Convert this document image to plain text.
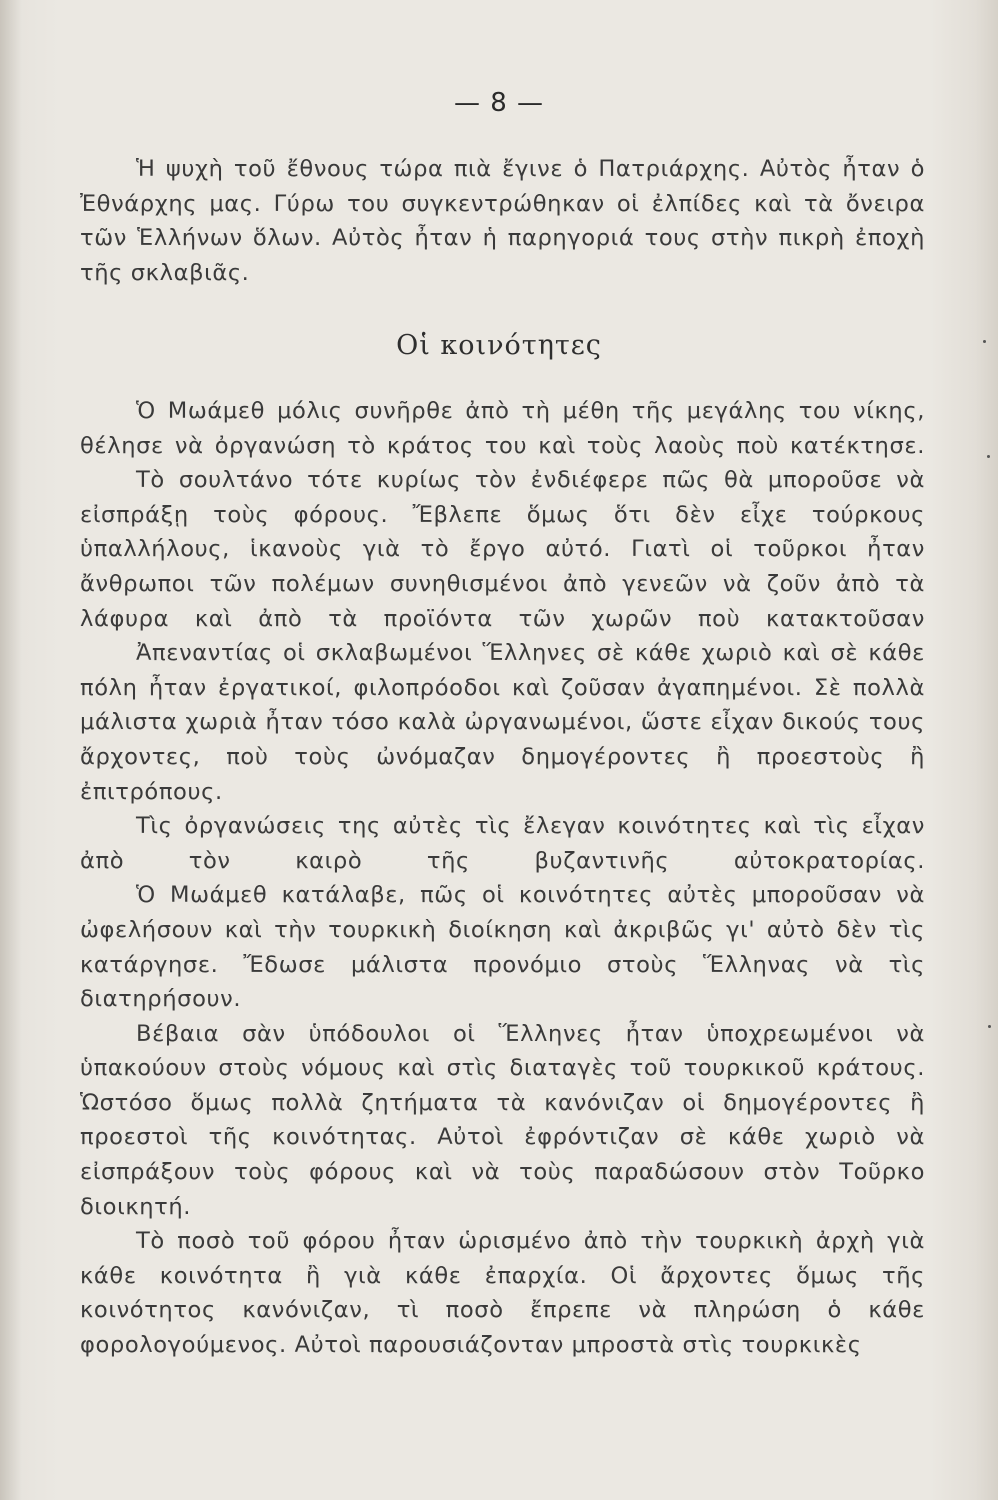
— 8 —

Ἡ ψυχὴ τοῦ ἔθνους τώρα πιὰ ἔγινε ὁ Πατριάρχης. Αὐτὸς ἦταν ὁ Ἐθνάρχης μας. Γύρω του συγκεντρώθηκαν οἱ ἐλπίδες καὶ τὰ ὄνειρα τῶν Ἑλλήνων ὅλων. Αὐτὸς ἦταν ἡ παρηγοριά τους στὴν πικρὴ ἐποχὴ τῆς σκλαβιᾶς.

Οἱ κοινότητες

Ὁ Μωάμεθ μόλις συνῆρθε ἀπὸ τὴ μέθη τῆς μεγάλης του νίκης, θέλησε νὰ ὀργανώση τὸ κράτος του καὶ τοὺς λαοὺς ποὺ κατέκτησε.

Τὸ σουλτάνο τότε κυρίως τὸν ἐνδιέφερε πῶς θὰ μποροῦσε νὰ εἰσπράξῃ τοὺς φόρους. Ἔβλεπε ὅμως ὅτι δὲν εἶχε τούρκους ὑπαλλήλους, ἱκανοὺς γιὰ τὸ ἔργο αὐτό. Γιατὶ οἱ τοῦρκοι ἦταν ἄνθρωποι τῶν πολέμων συνηθισμένοι ἀπὸ γενεῶν νὰ ζοῦν ἀπὸ τὰ λάφυρα καὶ ἀπὸ τὰ προϊόντα τῶν χωρῶν ποὺ κατακτοῦσαν

Ἀπεναντίας οἱ σκλαβωμένοι Ἕλληνες σὲ κάθε χωριὸ καὶ σὲ κάθε πόλη ἦταν ἐργατικοί, φιλοπρόοδοι καὶ ζοῦσαν ἀγαπημένοι. Σὲ πολλὰ μάλιστα χωριὰ ἦταν τόσο καλὰ ὠργανωμένοι, ὥστε εἶχαν δικούς τους ἄρχοντες, ποὺ τοὺς ὠνόμαζαν δημογέροντες ἢ προεστοὺς ἢ ἐπιτρόπους.

Τὶς ὀργανώσεις της αὐτὲς τὶς ἔλεγαν κοινότητες καὶ τὶς εἶχαν ἀπὸ τὸν καιρὸ τῆς βυζαντινῆς αὐτοκρατορίας.

Ὁ Μωάμεθ κατάλαβε, πῶς οἱ κοινότητες αὐτὲς μποροῦσαν νὰ ὠφελήσουν καὶ τὴν τουρκικὴ διοίκηση καὶ ἀκριβῶς γι' αὐτὸ δὲν τὶς κατάργησε. Ἔδωσε μάλιστα προνόμιο στοὺς Ἕλληνας νὰ τὶς διατηρήσουν.

Βέβαια σὰν ὑπόδουλοι οἱ Ἕλληνες ἦταν ὑποχρεωμένοι νὰ ὑπακούουν στοὺς νόμους καὶ στὶς διαταγὲς τοῦ τουρκικοῦ κράτους. Ὡστόσο ὅμως πολλὰ ζητήματα τὰ κανόνιζαν οἱ δημογέροντες ἢ προεστοὶ τῆς κοινότητας. Αὐτοὶ ἐφρόντιζαν σὲ κάθε χωριὸ νὰ εἰσπράξουν τοὺς φόρους καὶ νὰ τοὺς παραδώσουν στὸν Τοῦρκο διοικητή.

Τὸ ποσὸ τοῦ φόρου ἦταν ὡρισμένο ἀπὸ τὴν τουρκικὴ ἀρχὴ γιὰ κάθε κοινότητα ἢ γιὰ κάθε ἐπαρχία. Οἱ ἄρχοντες ὅμως τῆς κοινότητος κανόνιζαν, τὶ ποσὸ ἔπρεπε νὰ πληρώση ὁ κάθε φορολογούμενος. Αὐτοὶ παρουσιάζονταν μπροστὰ στὶς τουρκικὲς
